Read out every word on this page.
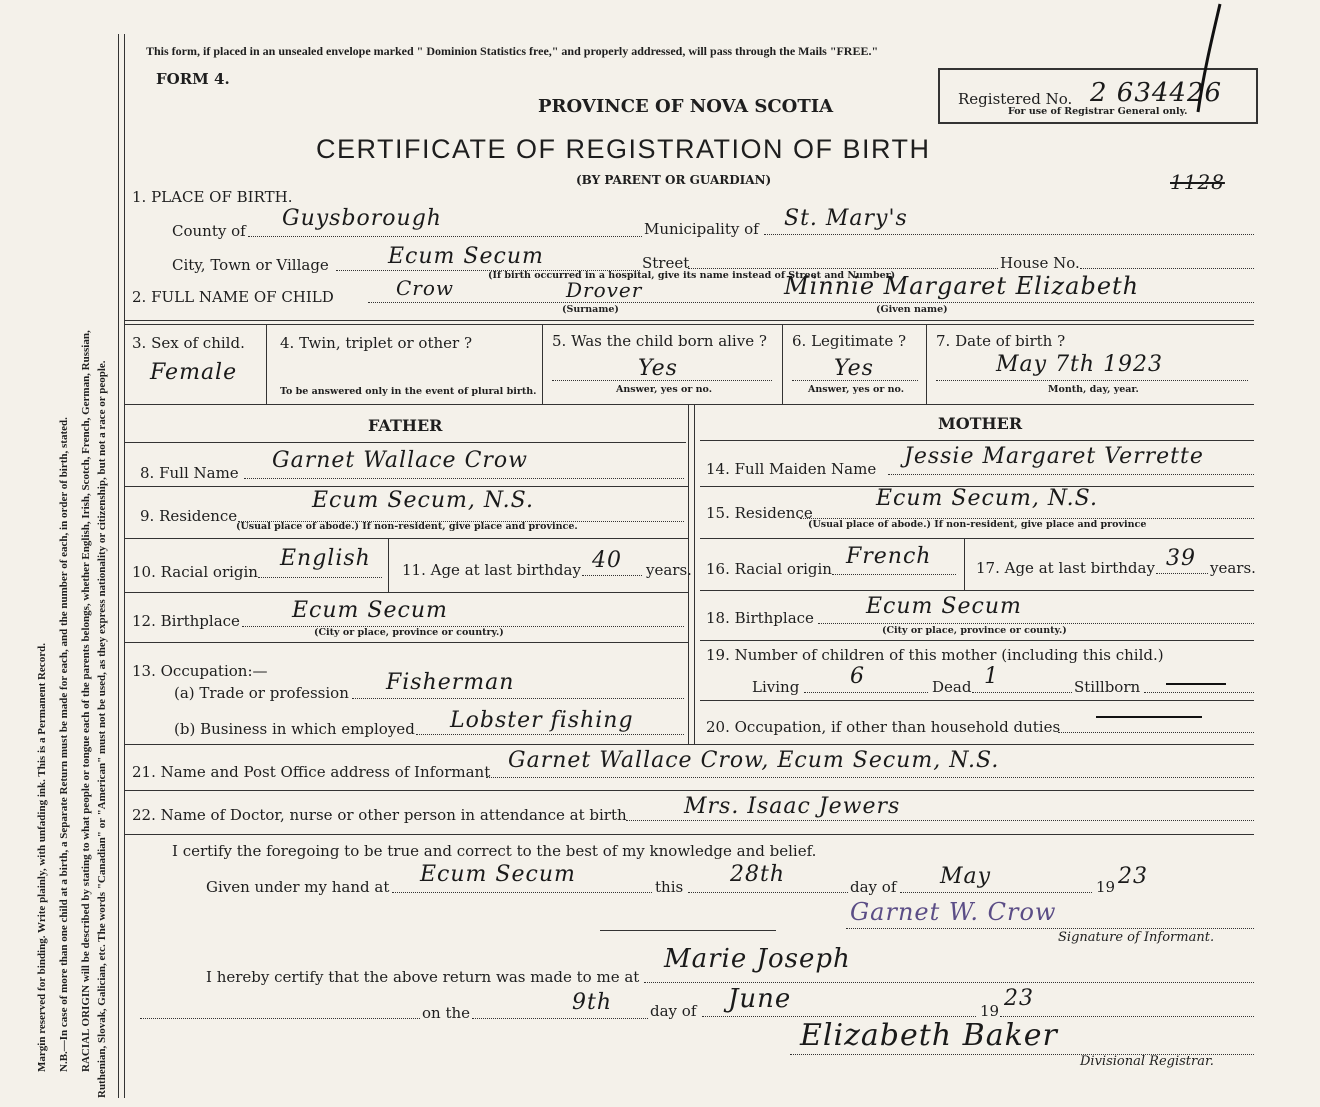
Margin reserved for binding. Write plainly, with unfading ink. This is a Permanent Record. N.B.—In case of more than one child at a birth, a Separate Return must be made for each, and the number of each, in order of birth, stated. RACIAL ORIGIN will be described by stating to what people or tongue each of the parents belongs, whether English, Irish, Scotch, French, German, Russian, Ruthenian, Slovak, Galician, etc. The words "Canadian" or "American" must not be used, as they express nationality or citizenship, but not a race or people.
This form, if placed in an unsealed envelope marked " Dominion Statistics free," and properly addressed, will pass through the Mails "FREE."
FORM 4.
PROVINCE OF NOVA SCOTIA
CERTIFICATE OF REGISTRATION OF BIRTH
(BY PARENT OR GUARDIAN)
Registered No. 2 634426
For use of Registrar General only.
1128
1. PLACE OF BIRTH.
County of Guysborough	Municipality of St. Mary's
City, Town or Village	Ecum Secum	Street	House No.
(If birth occurred in a hospital, give its name instead of Street and Number)
2. FULL NAME OF CHILD	Crow	Drover	Minnie Margaret Elizabeth
(Surname)	(Given name)
3. Sex of child.
Female
4. Twin, triplet or other ?
To be answered only in the event of plural birth.
5. Was the child born alive ?
Yes
Answer, yes or no.
6. Legitimate ?
Yes
Answer, yes or no.
7. Date of birth ?
May 7th 1923
Month, day, year.
FATHER	MOTHER
8. Full Name Garnet Wallace Crow
9. Residence
Ecum Secum, N.S.
(Usual place of abode.) If non-resident, give place and province.
10. Racial origin
English 11. Age at last birthday 40 years.
12. Birthplace Ecum Secum
(City or place, province or country.)
13. Occupation:—
(a) Trade or profession Fisherman
(b) Business in which employed Lobster fishing
14. Full Maiden Name Jessie Margaret Verrette
15. Residence
Ecum Secum, N.S.
(Usual place of abode.) If non-resident, give place and province
16. Racial origin French	17. Age at last birthday 39 years.
18. Birthplace Ecum Secum
(City or place, province or county.)
19. Number of children of this mother (including this child.)
Living 6	Dead 1	Stillborn
20. Occupation, if other than household duties
21. Name and Post Office address of Informant Garnet Wallace Crow, Ecum Secum, N.S.
22. Name of Doctor, nurse or other person in attendance at birth	Mrs. Isaac Jewers
I certify the foregoing to be true and correct to the best of my knowledge and belief.
Given under my hand at Ecum Secum	this 28th	day of May	19 23
Garnet W. Crow
Signature of Informant.
I hereby certify that the above return was made to me at
Marie Joseph
on the	9th	day of June	19 23
Elizabeth Baker
Divisional Registrar.
